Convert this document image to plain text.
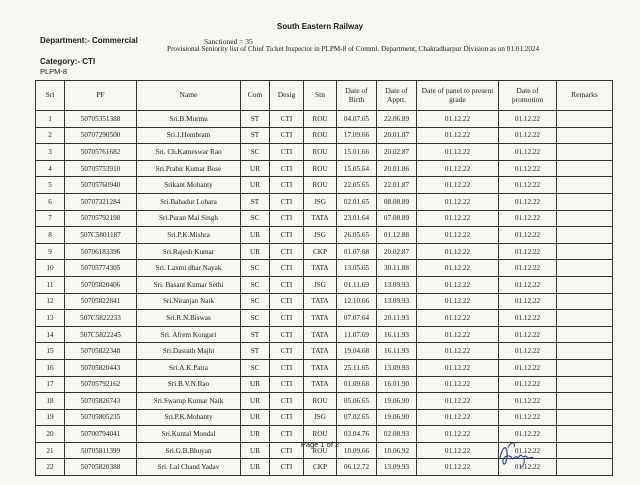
South Eastern Railway
Department:- Commercial	Sanctioned = 35
Provisional Seniority list of Chief Ticket Inspector in PLPM-8 of Comml. Department, Chakradharpur Division as on 01.01.2024
Category:- CTI
PLPM-8
Srl	PF	Name	Com	Desig	Stn	Date of Birth	Date of Apptt.	Date of panel to present grade	Date of promotion	Remarks
1	50705351388	Sri.B.Murmu	ST	CTI	ROU	04.07.65	22.06.89	01.12.22	01.12.22	
2	50707290500	Sri.J.Hembram	ST	CTI	ROU	17.09.66	20.01.87	01.12.22	01.12.22	
3	50705761682	Sri. Ch.Kameswar Rao	SC	CTI	ROU	15.01.66	20.02.87	01.12.22	01.12.22	
4	50705753910	Sri.Prabir Kumar Bose	UR	CTI	ROU	15.05.64	20.01.86	01.12.22	01.12.22	
5	50705760940	Srikant Mohanty	UR	CTI	ROU	22.05.65	22.01.87	01.12.22	01.12.22	
6	50707321284	Sri.Bahadur Lohara	ST	CTI	JSG	02.01.65	08.08.89	01.12.22	01.12.22	
7	50705792198	Sri.Puran Mal Singh	SC	CTI	TATA	23.01.64	07.08.89	01.12.22	01.12.22	
8	507C5801187	Sri.P.K.Mishra	UR	CTI	JSG	26.05.65	01.12.88	01.12.22	01.12.22	
9	50706183396	Sri.Rajesh Kumar	UR	CTI	CKP	01.07.68	20.02.87	01.12.22	01.12.22	
10	50705774305	Sri. Laxmi dhar Nayak	SC	CTI	TATA	13.05.65	30.11.88	01.12.22	01.12.22	
11	50705820406	Sri. Basant Kumar Sethi	SC	CTI	JSG	01.11.69	13.09.93	01.12.22	01.12.22	
12	50705822841	Sri.Niranjan Naik	SC	CTI	TATA	12.10.66	13.09.93	01.12.22	01.12.22	
13	507C5822233	Sri.R.N.Biswas	SC	CTI	TATA	07.07.64	20.11.93	01.12.22	01.12.22	
14	507C5822245	Sri. Afrem Kongari	ST	CTI	TATA	11.07.69	16.11.93	01.12.22	01.12.22	
15	50705822348	Sri.Dasrath Majhi	ST	CTI	TATA	19.04.68	16.11.93	01.12.22	01.12.22	
16	50705820443	Sri.A.K.Patra	SC	CTI	TATA	25.11.65	13.09.93	01.12.22	01.12.22	
17	50705792162	Sri.B.V.N.Rao	UR	CTI	TATA	01.09.68	16.01.90	01.12.22	01.12.22	
18	50705826743	Sri.Swarup Kumar Naik	UR	CTI	ROU	05.06.65	19.06.90	01.12.22	01.12.22	
19	50705805235	Sri.P.K.Mohanty	UR	CTI	JSG	07.02.65	19.06.90	01.12.22	01.12.22	
20	50700794041	Sri.Kuntal Mondal	UR	CTI	ROU	03.04.76	02.08.93	01.12.22	01.12.22	
21	50705811399	Sri.G.B.Bhuyan	UR	CTI	ROU	10.09.66	10.06.92	01.12.22	01.12.22	
22	50705820388	Sri. Lal Chand Yadav	UR	CTI	CKP	06.12.72	13.09.93	01.12.22	01.12.22	
Page 1 of 2
